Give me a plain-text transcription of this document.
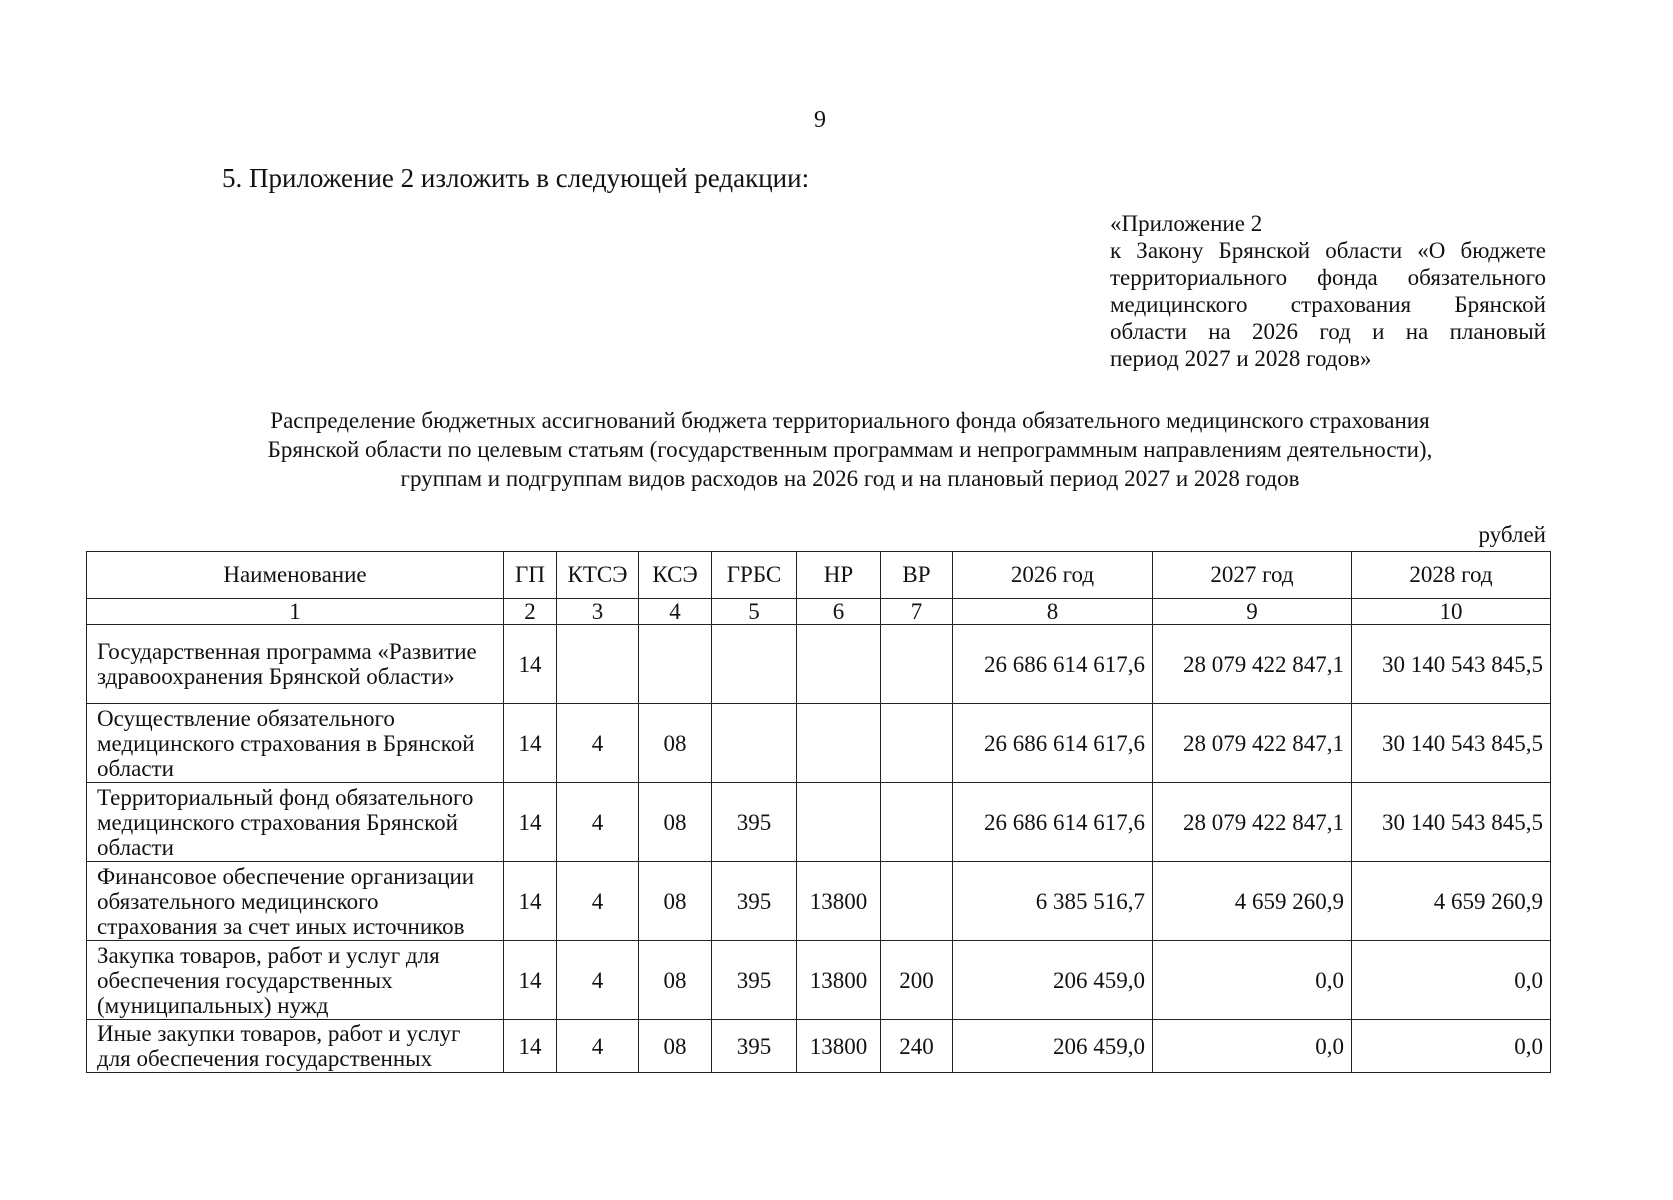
9
5. Приложение 2 изложить в следующей редакции:
«Приложение 2
к Закону Брянской области «О бюджете
территориального фонда обязательного
медицинского страхования Брянской
области на 2026 год и на плановый
период 2027 и 2028 годов»
Распределение бюджетных ассигнований бюджета территориального фонда обязательного медицинского страхования
Брянской области по целевым статьям (государственным программам и непрограммным направлениям деятельности),
группам и подгруппам видов расходов на 2026 год и на плановый период 2027 и 2028 годов
рублей
Наименование	ГП	КТСЭ	КСЭ	ГРБС	НР	ВР	2026 год	2027 год	2028 год
1	2	3	4	5	6	7	8	9	10
Государственная программа «Развитие здравоохранения Брянской области»	14						26 686 614 617,6	28 079 422 847,1	30 140 543 845,5
Осуществление обязательного медицинского страхования в Брянской области	14	4	08				26 686 614 617,6	28 079 422 847,1	30 140 543 845,5
Территориальный фонд обязательного медицинского страхования Брянской области	14	4	08	395			26 686 614 617,6	28 079 422 847,1	30 140 543 845,5
Финансовое обеспечение организации обязательного медицинского страхования за счет иных источников	14	4	08	395	13800		6 385 516,7	4 659 260,9	4 659 260,9
Закупка товаров, работ и услуг для обеспечения государственных (муниципальных) нужд	14	4	08	395	13800	200	206 459,0	0,0	0,0
Иные закупки товаров, работ и услуг для обеспечения государственных	14	4	08	395	13800	240	206 459,0	0,0	0,0
